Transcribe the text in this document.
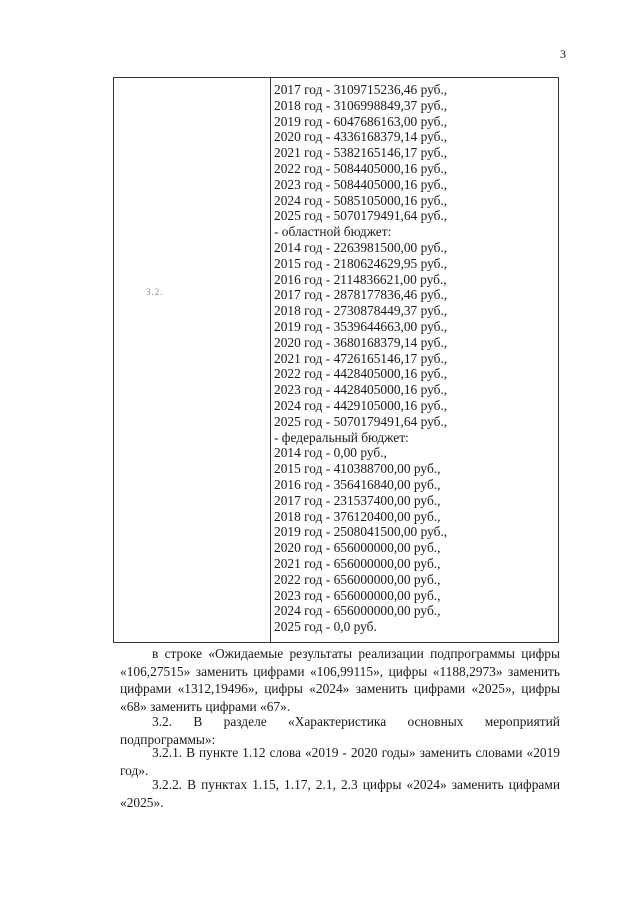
3
3.2.
2017 год - 3109715236,46 руб.,
2018 год - 3106998849,37 руб.,
2019 год - 6047686163,00 руб.,
2020 год - 4336168379,14 руб.,
2021 год - 5382165146,17 руб.,
2022 год - 5084405000,16 руб.,
2023 год - 5084405000,16 руб.,
2024 год - 5085105000,16 руб.,
2025 год - 5070179491,64 руб.,
- областной бюджет:
2014 год - 2263981500,00 руб.,
2015 год - 2180624629,95 руб.,
2016 год - 2114836621,00 руб.,
2017 год - 2878177836,46 руб.,
2018 год - 2730878449,37 руб.,
2019 год - 3539644663,00 руб.,
2020 год - 3680168379,14 руб.,
2021 год - 4726165146,17 руб.,
2022 год - 4428405000,16 руб.,
2023 год - 4428405000,16 руб.,
2024 год - 4429105000,16 руб.,
2025 год - 5070179491,64 руб.,
- федеральный бюджет:
2014 год - 0,00 руб.,
2015 год - 410388700,00 руб.,
2016 год - 356416840,00 руб.,
2017 год - 231537400,00 руб.,
2018 год - 376120400,00 руб.,
2019 год - 2508041500,00 руб.,
2020 год - 656000000,00 руб.,
2021 год - 656000000,00 руб.,
2022 год - 656000000,00 руб.,
2023 год - 656000000,00 руб.,
2024 год - 656000000,00 руб.,
2025 год - 0,0 руб.

в строке «Ожидаемые результаты реализации подпрограммы цифры «106,27515» заменить цифрами «106,99115», цифры «1188,2973» заменить цифрами «1312,19496», цифры «2024» заменить цифрами «2025», цифры «68» заменить цифрами «67».

3.2. В разделе «Характеристика основных мероприятий

подпрограммы»:

3.2.1. В пункте 1.12 слова «2019 - 2020 годы» заменить словами «2019 год».

3.2.2. В пунктах 1.15, 1.17, 2.1, 2.3 цифры «2024» заменить цифрами «2025».
